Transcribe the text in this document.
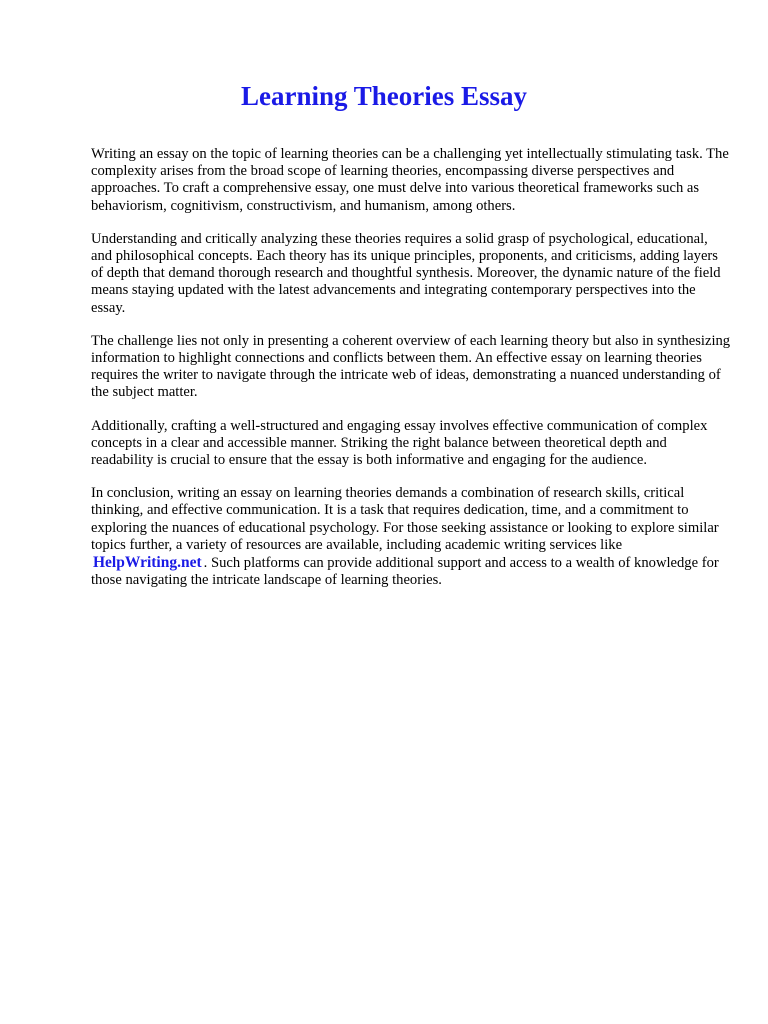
Learning Theories Essay

Writing an essay on the topic of learning theories can be a challenging yet intellectually stimulating task. The complexity arises from the broad scope of learning theories, encompassing diverse perspectives and approaches. To craft a comprehensive essay, one must delve into various theoretical frameworks such as behaviorism, cognitivism, constructivism, and humanism, among others.

Understanding and critically analyzing these theories requires a solid grasp of psychological, educational, and philosophical concepts. Each theory has its unique principles, proponents, and criticisms, adding layers of depth that demand thorough research and thoughtful synthesis. Moreover, the dynamic nature of the field means staying updated with the latest advancements and integrating contemporary perspectives into the essay.

The challenge lies not only in presenting a coherent overview of each learning theory but also in synthesizing information to highlight connections and conflicts between them. An effective essay on learning theories requires the writer to navigate through the intricate web of ideas, demonstrating a nuanced understanding of the subject matter.

Additionally, crafting a well-structured and engaging essay involves effective communication of complex concepts in a clear and accessible manner. Striking the right balance between theoretical depth and readability is crucial to ensure that the essay is both informative and engaging for the audience.

In conclusion, writing an essay on learning theories demands a combination of research skills, critical thinking, and effective communication. It is a task that requires dedication, time, and a commitment to exploring the nuances of educational psychology. For those seeking assistance or looking to explore similar topics further, a variety of resources are available, including academic writing services like HelpWriting.net . Such platforms can provide additional support and access to a wealth of knowledge for those navigating the intricate landscape of learning theories.
